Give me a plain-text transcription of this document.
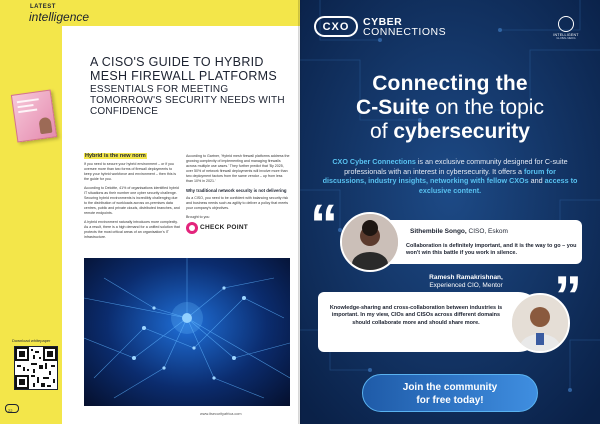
LATEST
intelligence
A CISO'S GUIDE TO HYBRID MESH FIREWALL PLATFORMS
ESSENTIALS FOR MEETING TOMORROW'S SECURITY NEEDS WITH CONFIDENCE
Hybrid is the new norm

If you need to secure your hybrid environment – or if you oversee more than two forms of firewall deployments to keep your hybrid workforce and environment – then this is the guide for you.

According to Deloitte, 41% of organisations identified hybrid IT situations as their number one cyber security challenge. Securing hybrid environments is incredibly challenging due to the distribution of workloads across on-premises data centres, public and private clouds, distributed branches, and remote endpoints.

A hybrid environment naturally introduces more complexity. As a result, there is a high demand for a unified solution that protects the most critical areas of an organisation's IT infrastructure.

According to Gartner, 'Hybrid mesh firewall platforms address the growing complexity of implementing and managing firewalls across multiple use cases.' They further predict that 'By 2025, over 50% of network firewall deployments will involve more than two deployment factors from the same vendor – up from less than 10% in 2021.'

Why traditional network security is not delivering

As a CISO, you need to be confident with balancing security risk and business needs such as agility to deliver a policy that meets your company's objectives.

Brought to you
CHECK POINT
Download whitepaper
22
www.itsecurityafrica.com
CXO	CYBER
CONNECTIONS	INTELLIGENT
GLOBAL MEDIA
Connecting the
C-Suite on the topic
of cybersecurity
CXO Cyber Connections is an exclusive community designed for C-suite professionals with an interest in cybersecurity. It offers a forum for discussions, industry insights, networking with fellow CXOs and access to exclusive content.
“	Sithembile Songo, CISO, Eskom
Collaboration is definitely important, and it is the way to go – you won't win this battle if you work in silence.
Ramesh Ramakrishnan,
Experienced CIO, Mentor
Knowledge-sharing and cross-collaboration between industries is important. In my view, CIOs and CISOs across different domains should collaborate more and should share more.	”
Join the community
for free today!
